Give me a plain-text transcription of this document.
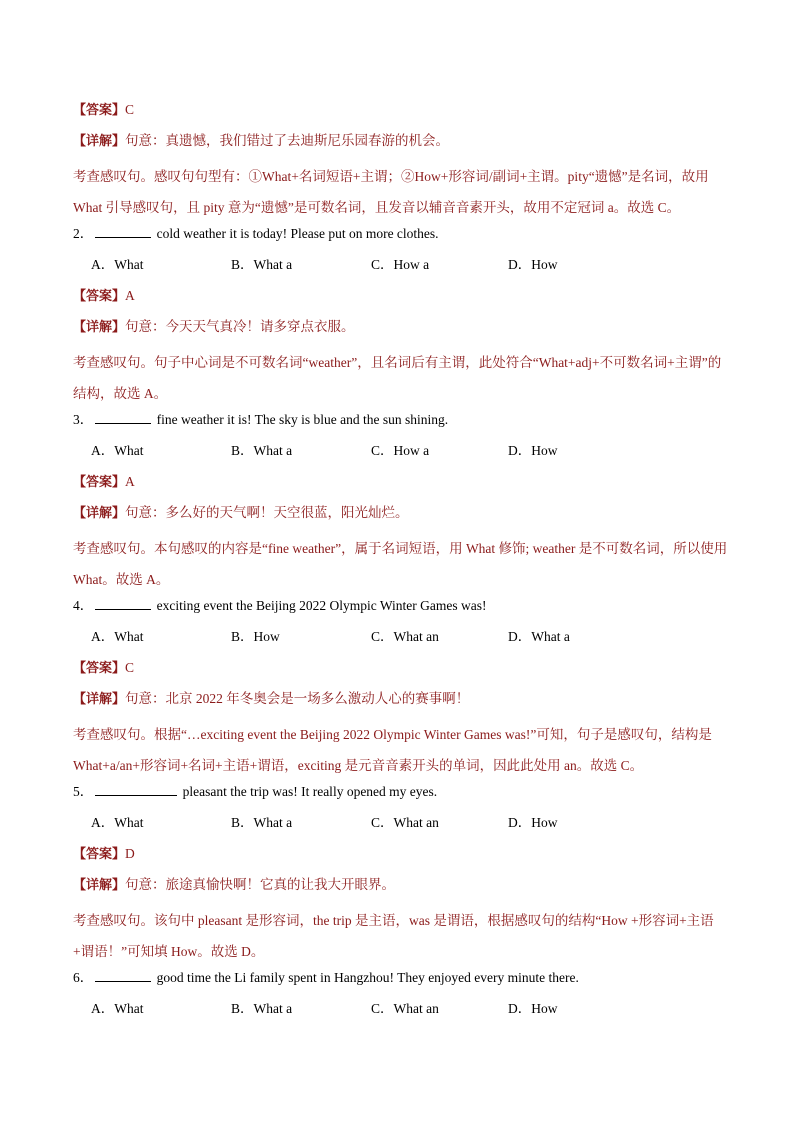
【答案】C

【详解】句意：真遗憾，我们错过了去迪斯尼乐园春游的机会。

考查感叹句。感叹句句型有：①What+名词短语+主谓；②How+形容词/副词+主谓。pity“遗憾”是名词，故用What 引导感叹句，且 pity 意为“遗憾”是可数名词，且发音以辅音音素开头，故用不定冠词 a。故选 C。

2．	cold weather it is today! Please put on more clothes.

A．What	B．What a	C．How a	D．How

【答案】A

【详解】句意：今天天气真冷！请多穿点衣服。

考查感叹句。句子中心词是不可数名词“weather”，且名词后有主谓，此处符合“What+adj+不可数名词+主谓”的结构，故选 A。

3．	fine weather it is! The sky is blue and the sun shining.

A．What	B．What a	C．How a	D．How

【答案】A

【详解】句意：多么好的天气啊！天空很蓝，阳光灿烂。

考查感叹句。本句感叹的内容是“fine weather”，属于名词短语，用 What 修饰; weather 是不可数名词，所以使用 What。故选 A。

4．	exciting event the Beijing 2022 Olympic Winter Games was!

A．What	B．How	C．What an	D．What a

【答案】C

【详解】句意：北京 2022 年冬奥会是一场多么激动人心的赛事啊！

考查感叹句。根据“…exciting event the Beijing 2022 Olympic Winter Games was!”可知，句子是感叹句，结构是 What+a/an+形容词+名词+主语+谓语，exciting 是元音音素开头的单词，因此此处用 an。故选 C。

5．	pleasant the trip was! It really opened my eyes.

A．What	B．What a	C．What an	D．How

【答案】D

【详解】句意：旅途真愉快啊！它真的让我大开眼界。

考查感叹句。该句中 pleasant 是形容词，the trip 是主语，was 是谓语，根据感叹句的结构“How +形容词+主语+谓语！”可知填 How。故选 D。

6．	good time the Li family spent in Hangzhou! They enjoyed every minute there.

A．What	B．What a	C．What an	D．How
